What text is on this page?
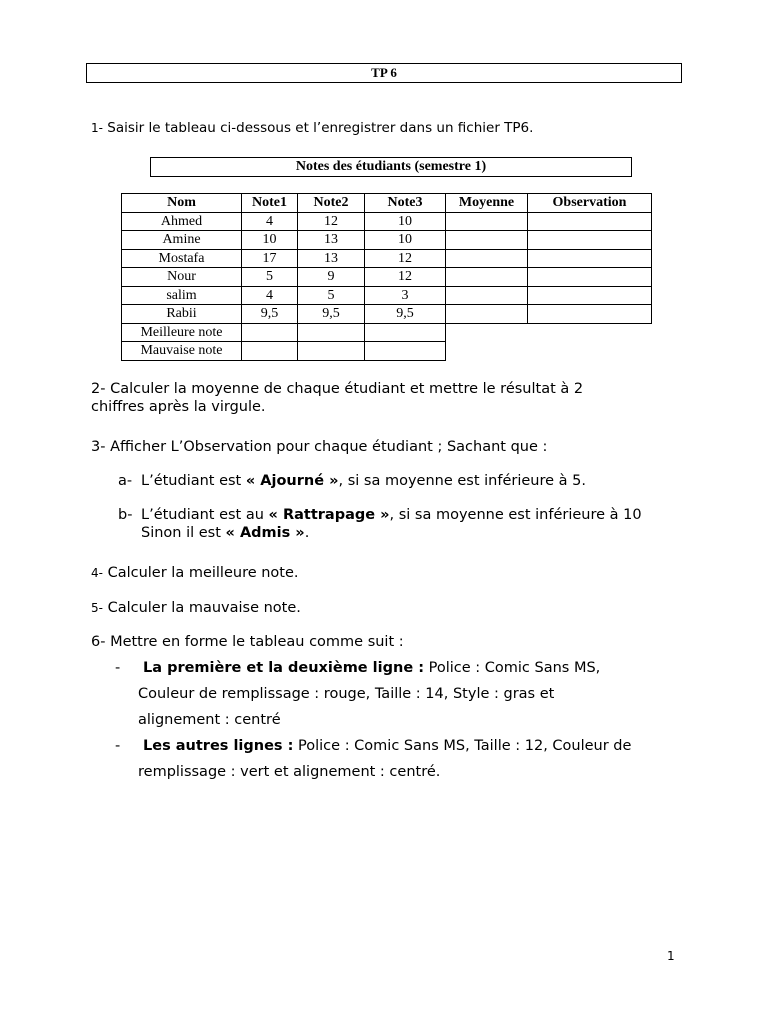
TP 6
1- Saisir le tableau ci-dessous et l’enregistrer dans un fichier TP6.
Notes des étudiants (semestre 1)
Nom	Note1	Note2	Note3	Moyenne	Observation
Ahmed	4	12	10		
Amine	10	13	10		
Mostafa	17	13	12		
Nour	5	9	12		
salim	4	5	3		
Rabii	9,5	9,5	9,5		
Meilleure note					
Mauvaise note					
2- Calculer la moyenne de chaque étudiant et mettre le résultat à 2
chiffres après la virgule.
3- Afficher L’Observation pour chaque étudiant ; Sachant que :
a- L’étudiant est « Ajourné », si sa moyenne est inférieure à 5.
b- L’étudiant est au « Rattrapage », si sa moyenne est inférieure à 10
Sinon il est « Admis ».
4- Calculer la meilleure note.
5- Calculer la mauvaise note.
6- Mettre en forme le tableau comme suit :
- La première et la deuxième ligne : Police : Comic Sans MS,
Couleur de remplissage : rouge, Taille : 14, Style : gras et
alignement : centré
- Les autres lignes : Police : Comic Sans MS, Taille : 12, Couleur de
remplissage : vert et alignement : centré.
1
